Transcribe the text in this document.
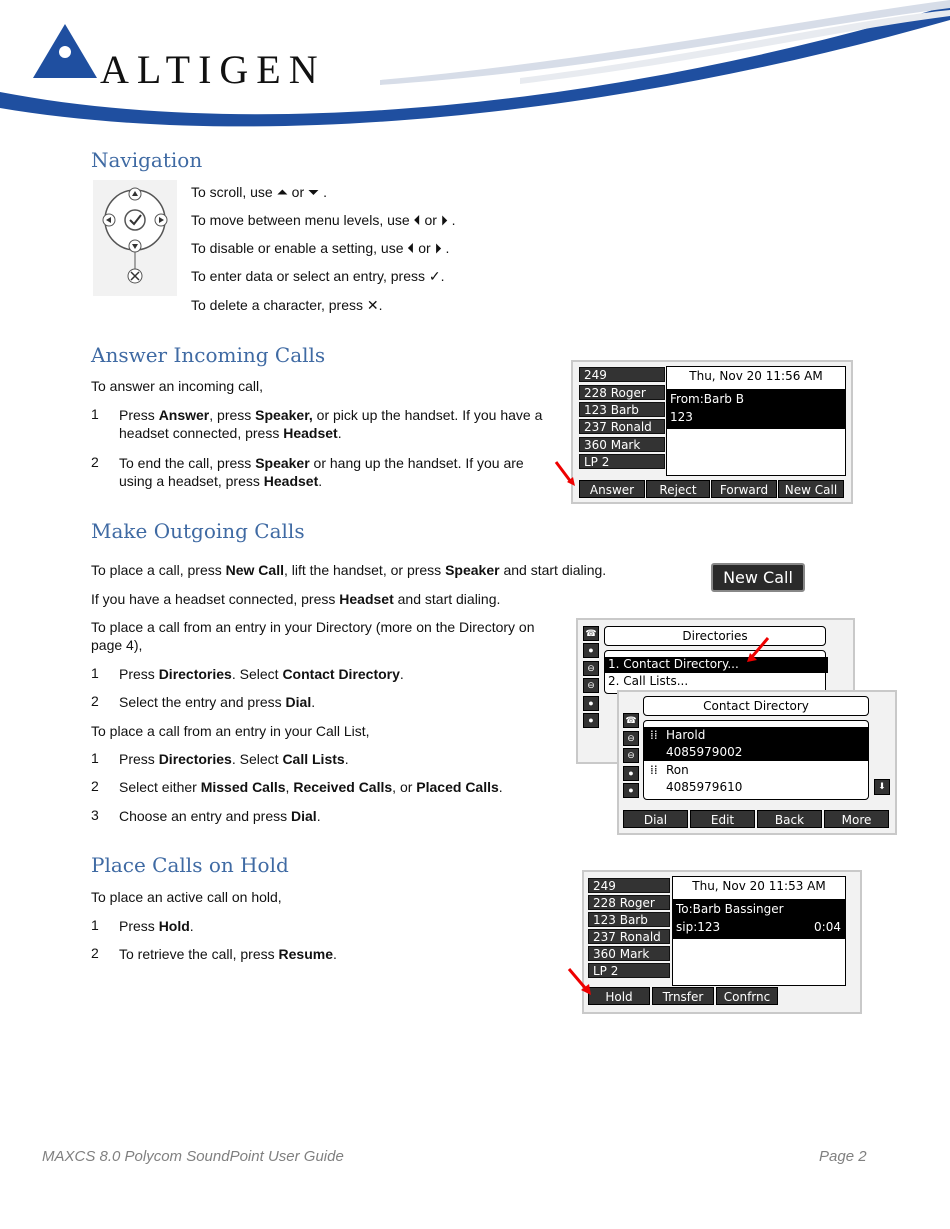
ALTIGEN
Navigation
To scroll, use ⏶ or ⏷ .
To move between menu levels, use ⏴ or ⏵ .
To disable or enable a setting, use ⏴ or ⏵ .
To enter data or select an entry, press ✓.
To delete a character, press ✕.
Answer Incoming Calls
To answer an incoming call,
1 Press Answer, press Speaker, or pick up the handset. If you have a headset connected, press Headset.
2 To end the call, press Speaker or hang up the handset. If you are using a headset, press Headset.
249
228 Roger
123 Barb
237 Ronald
360 Mark
LP 2
Thu, Nov 20 11:56 AM
From:Barb B
123
Answer	Reject	Forward	New Call
Make Outgoing Calls
To place a call, press New Call, lift the handset, or press Speaker and start dialing.
If you have a headset connected, press Headset and start dialing.
To place a call from an entry in your Directory (more on the Directory on page 4),
1 Press Directories. Select Contact Directory.
2 Select the entry and press Dial.
To place a call from an entry in your Call List,
1 Press Directories. Select Call Lists.
2 Select either Missed Calls, Received Calls, or Placed Calls.
3 Choose an entry and press Dial.
New Call
☎
●
⊖
⊖
●
●
Directories
1. Contact Directory...
2. Call Lists...
☎
⊖
⊖
●
●
Contact Directory
⁞⁞ Harold
4085979002
⁞⁞ Ron
4085979610	⬇
Dial	Edit	Back	More
Place Calls on Hold
To place an active call on hold,
1 Press Hold.
2 To retrieve the call, press Resume.
249
228 Roger
123 Barb
237 Ronald
360 Mark
LP 2
Thu, Nov 20 11:53 AM
To:Barb Bassinger
sip:123	0:04
Hold	Trnsfer	Confrnc
MAXCS 8.0 Polycom SoundPoint User Guide	Page 2
